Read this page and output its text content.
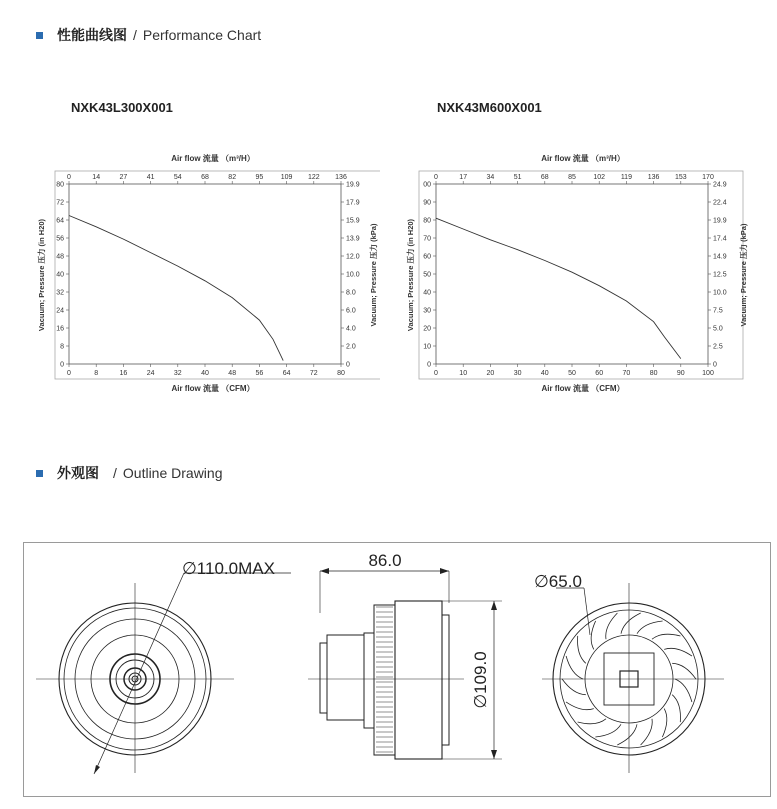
性能曲线图 / Performance Chart
NXK43L300X001	NXK43M600X001
Air flow 流量 （m³/H）
0	14	27	41	54	68	82	95 109 122 136
0	8	16	24	32	40	48	56	64	72	80
0
8
16
24
32
40
48
56
64
72
80
0
2.0
4.0
6.0
8.0
10.0
12.0
13.9
15.9
17.9
19.9
Vacuum; Pressure 压力 (in H20)	Vacuum; Pressure 压力 (kPa)
Air flow 流量 （CFM）
Air flow 流量 （m³/H）
0	17	34	51	68	85 102 119 136 153 170
0	10	20	30	40	50	60	70	80	90 100
0
10
20
30
40
50
60
70
80
90
00
0
2.5
5.0
7.5
10.0
12.5
14.9
17.4
19.9
22.4
24.9
Vacuum; Pressure 压力 (in H20)	Vacuum; Pressure 压力 (kPa)
Air flow 流量 （CFM）
外观图 / Outline Drawing
∅110.0MAX	86.0
∅109.0
∅65.0
